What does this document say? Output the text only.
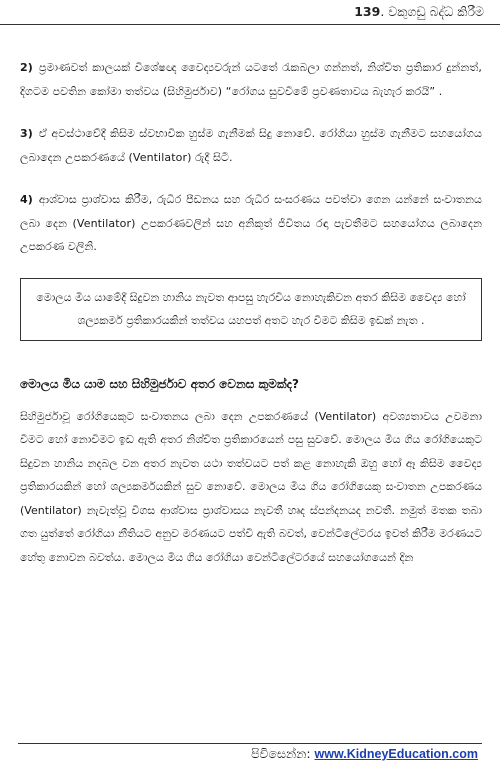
139. වකුගඩු බද්ධ කිරීම

2) ප්‍රමාණවත් කාලයක් විශේෂඥ වෛද්‍යවරුන් යටතේ රැකබලා ගන්නත්, නිශ්චිත ප්‍රතිකාර දුන්නත්, දිගටම පවතින කෝමා තත්වය (සිහිමුර්ජාව) “රෝගය සුවවීමේ ප්‍රවණතාවය බැහැර කරයි” .

3) ඒ අවස්ථාවේදී කිසිම ස්වභාවික හුස්ම ගැනීමක් සිදු නොවේ. රෝගියා හුස්ම ගැනීමට සහයෝගය ලබාදෙන උපකරණයේ (Ventilator) රුදී සිටී.

4) ආශ්වාස ප්‍රාශ්වාස කිරීම, රුධිර පීඩනය සහ රුධිර සංසරණය පවත්වා ගෙන යන්නේ සංවාතනය ලබා දෙන (Ventilator) උපකරණවලින් සහ අනිකුත් ජිවිතය රඳා පැවතීමට සහයෝගය ලබාදෙන උපකරණ වලිනි.

මොලය මිය යාමේදී සිදුවන හානිය නැවත ආපසු හැරවිය නොහැකිවන අතර කිසිම වෛද්‍ය හෝ ශල්‍යකර්ම ප්‍රතිකාරයකින් තත්වය යහපත් අතට හැර වීමට කිසිම ඉඩක් නැත .
මොලය මිය යාම සහ සිහිමුර්ජාව අතර වෙනස කුමක්ද?

සිහිමුර්ජාවූ රෝගියෙකුට සංවාතනය ලබා දෙන උපකරණයේ (Ventilator) අවශ්‍යතාවය උවමනා වීමට හෝ නොවීමට ඉඩ ඇති අතර නිශ්චිත ප්‍රතිකාරයෙන් පසු සුවවේ. මොලය මිය ගිය රෝගියෙකුට සිදුවන හානිය නදබල වන අතර නැවත යථා තත්වයට පත් කළ නොහැකි ඔහු හෝ ඈ කිසිම වෛද්‍ය ප්‍රතිකාරයකින් හෝ ශල්‍යකර්මයකින් සුව නොවේ. මොලය මිය ගිය රෝගියෙකු සංවාතන උපකරණය (Ventilator) නැවැත්වූ විගස ආශ්වාස ප්‍රාශ්වාසය නැවතී හෘද ස්පන්දනයද නවතී. නමුත් මතක තබා ගත යුත්තේ රෝගියා නීතියට අනුව මරණයට පත්වී ඇති බවත්, වෙන්ටිලේටරය ඉවත් කිරීම මරණයට හේතු නොවන බවත්ය. මොලය මිය ගිය රෝගියා වෙන්ටිලේටරයේ සහයෝගයෙන් දින

පිවිසෙන්න: www.KidneyEducation.com
